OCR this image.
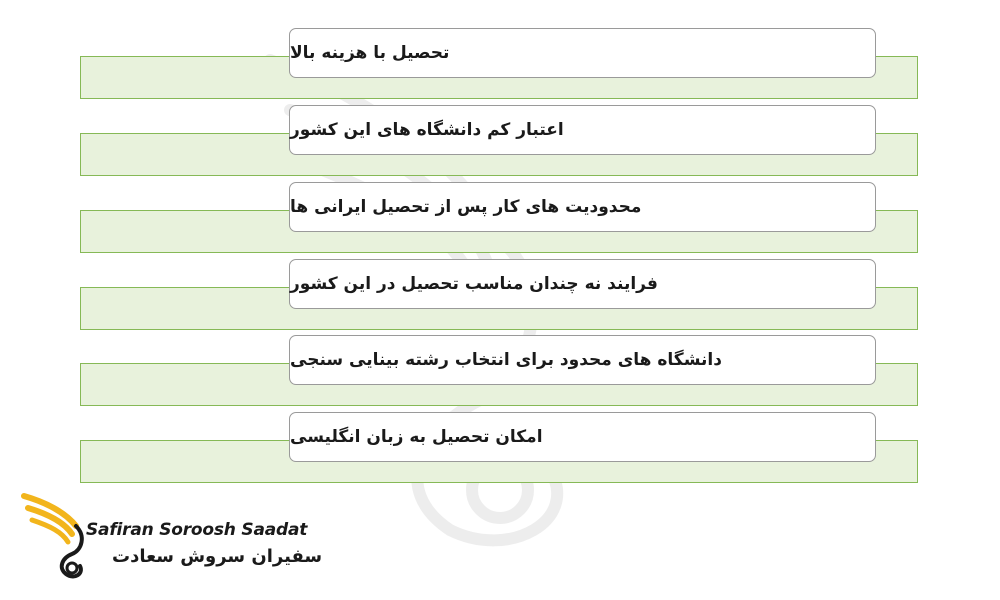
تحصیل با هزینه بالا
اعتبار کم دانشگاه های این کشور
محدودیت های کار پس از تحصیل ایرانی ها
فرایند نه چندان مناسب تحصیل در این کشور
دانشگاه های محدود برای انتخاب رشته بینایی سنجی
امکان تحصیل به زبان انگلیسی
Safiran Soroosh Saadat
سفیران سروش سعادت
